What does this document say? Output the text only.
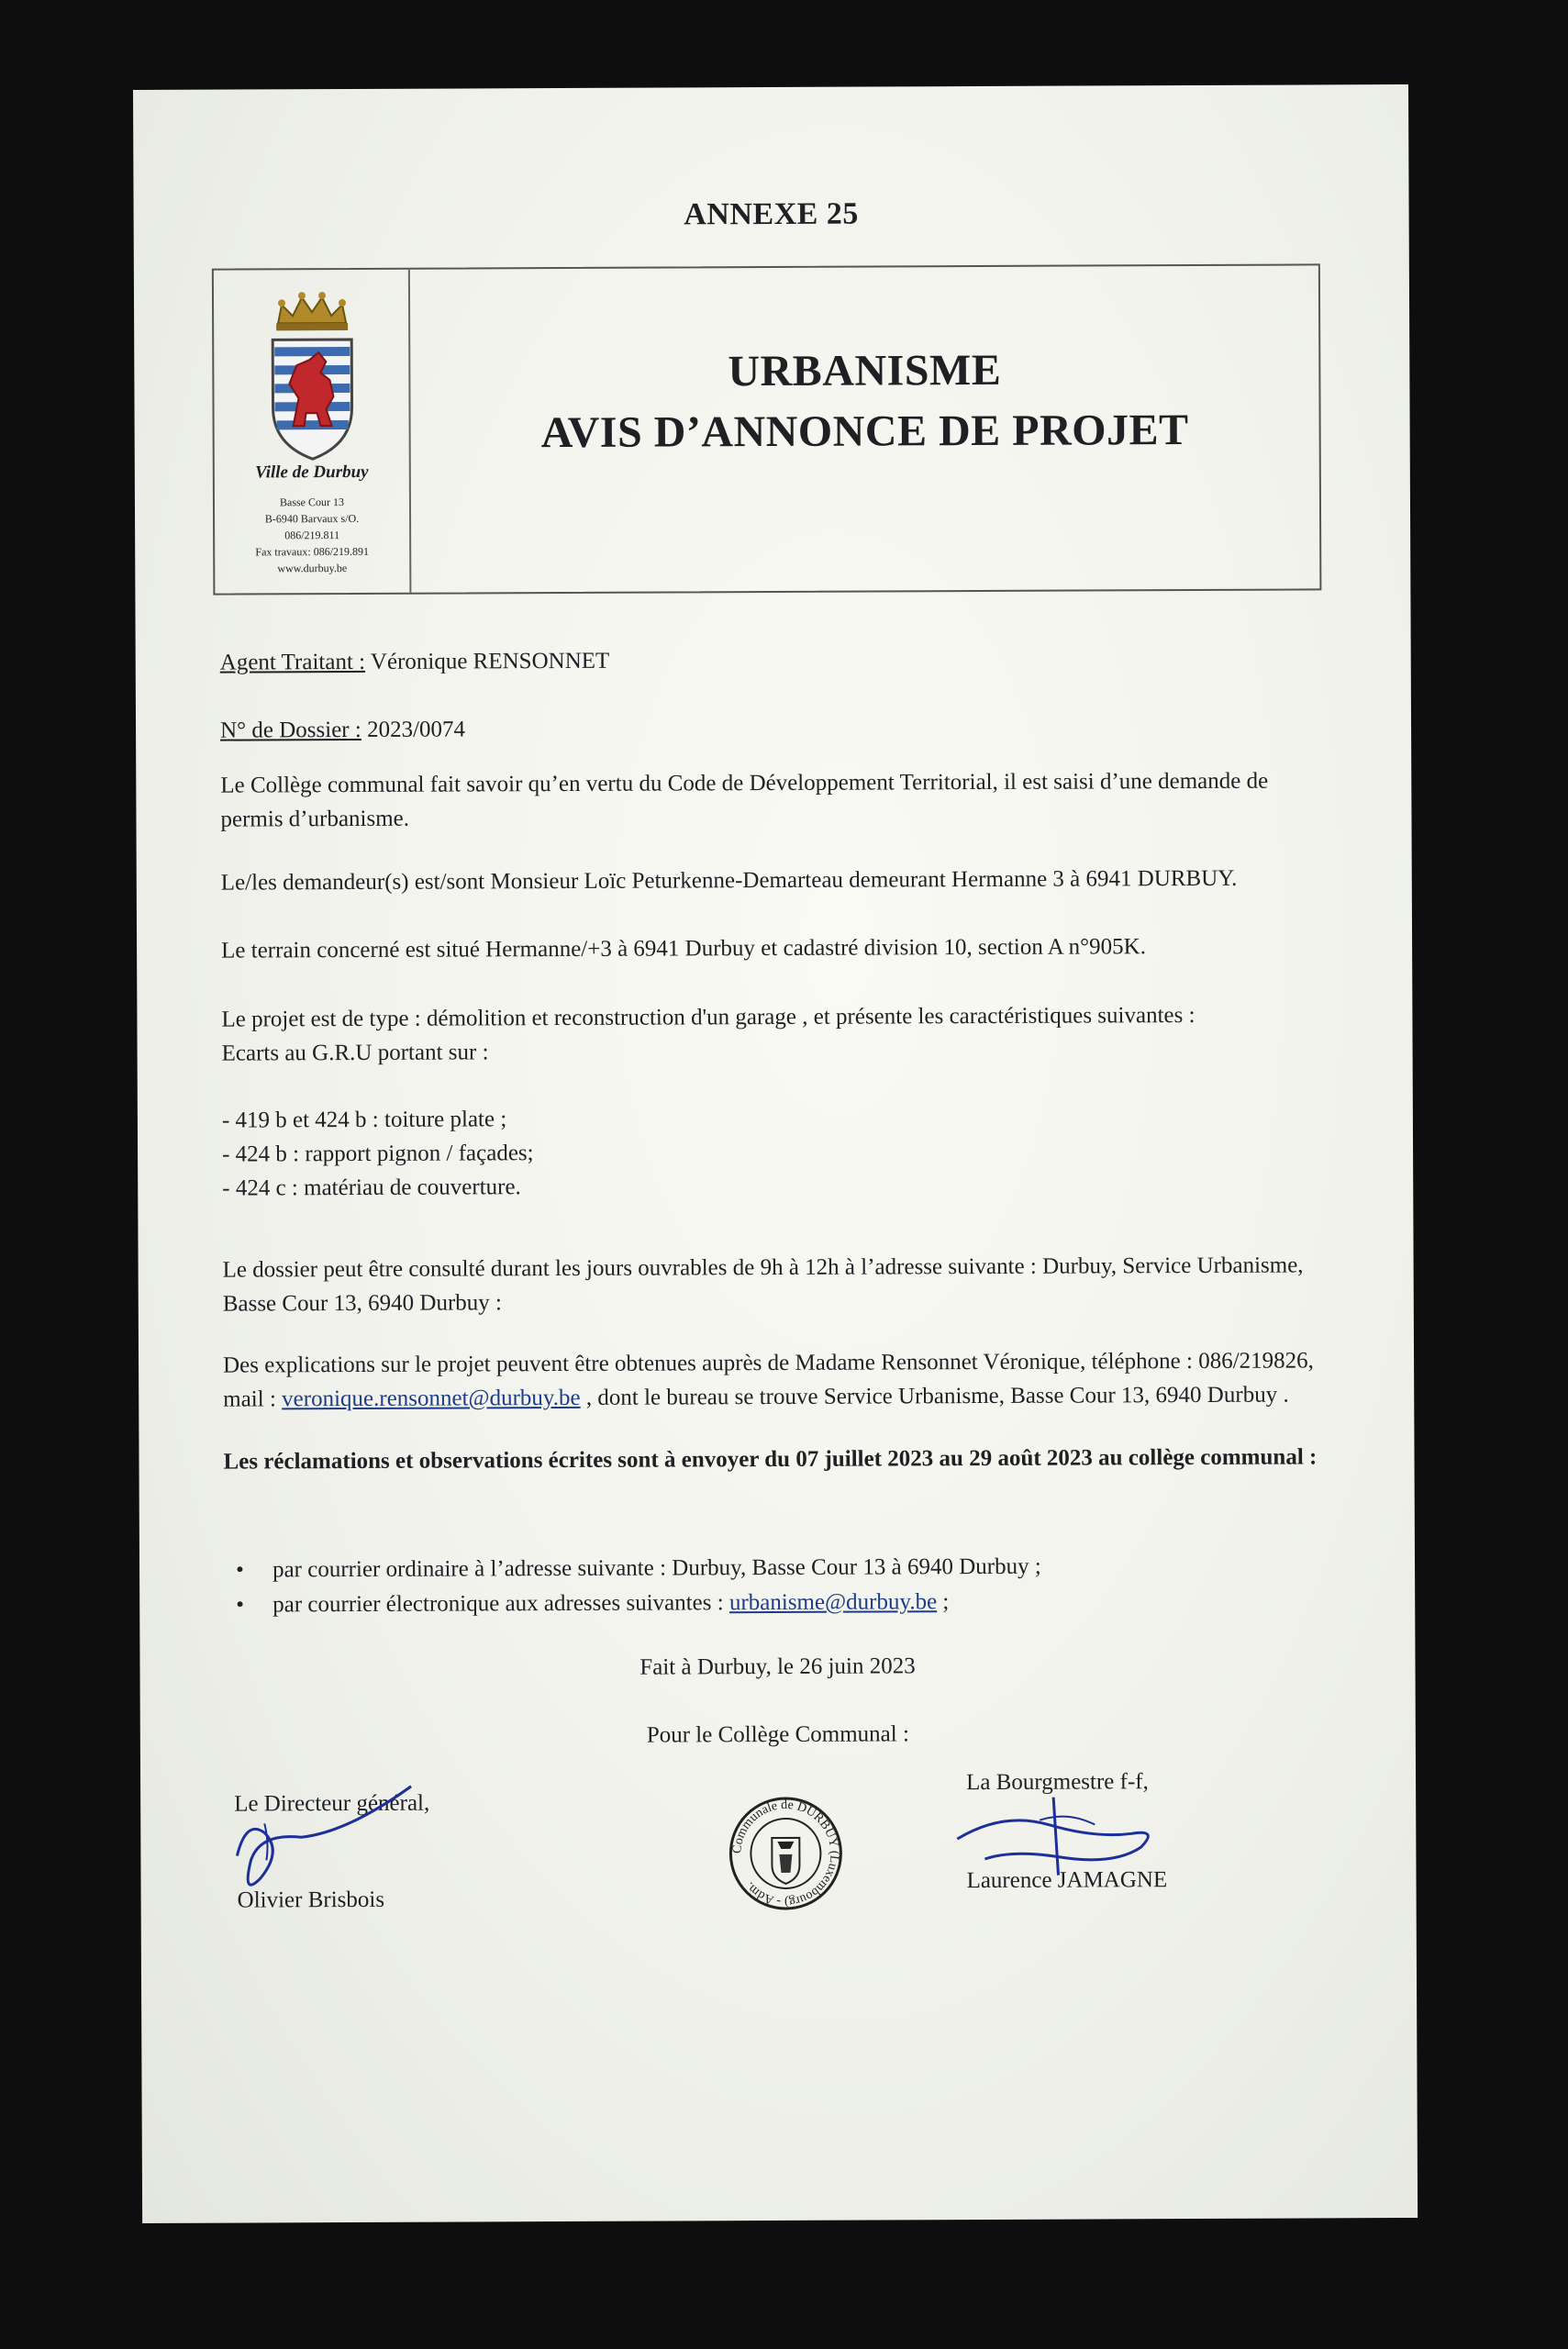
ANNEXE 25
Ville de Durbuy
Basse Cour 13
B-6940 Barvaux s/O.
086/219.811
Fax travaux: 086/219.891
www.durbuy.be
URBANISME
AVIS D’ANNONCE DE PROJET
Agent Traitant : Véronique RENSONNET
N° de Dossier : 2023/0074
Le Collège communal fait savoir qu’en vertu du Code de Développement Territorial, il est saisi d’une demande de permis d’urbanisme.
Le/les demandeur(s) est/sont Monsieur Loïc Peturkenne-Demarteau demeurant Hermanne 3 à 6941 DURBUY.
Le terrain concerné est situé Hermanne/+3 à 6941 Durbuy et cadastré division 10, section A n°905K.
Le projet est de type : démolition et reconstruction d'un garage , et présente les caractéristiques suivantes :
Ecarts au G.R.U portant sur :
- 419 b et 424 b : toiture plate ;
- 424 b : rapport pignon / façades;
- 424 c : matériau de couverture.
Le dossier peut être consulté durant les jours ouvrables de 9h à 12h à l’adresse suivante : Durbuy, Service Urbanisme, Basse Cour 13, 6940 Durbuy :
Des explications sur le projet peuvent être obtenues auprès de Madame Rensonnet Véronique, téléphone : 086/219826, mail : veronique.rensonnet@durbuy.be , dont le bureau se trouve Service Urbanisme, Basse Cour 13, 6940 Durbuy .
Les réclamations et observations écrites sont à envoyer du 07 juillet 2023 au 29 août 2023 au collège communal :
• par courrier ordinaire à l’adresse suivante : Durbuy, Basse Cour 13 à 6940 Durbuy ;
• par courrier électronique aux adresses suivantes : urbanisme@durbuy.be ;
Fait à Durbuy, le 26 juin 2023
Pour le Collège Communal :
Le Directeur général,
Olivier Brisbois
Communale de DURBUY (Luxembourg) - Adm.
La Bourgmestre f-f,
Laurence JAMAGNE
